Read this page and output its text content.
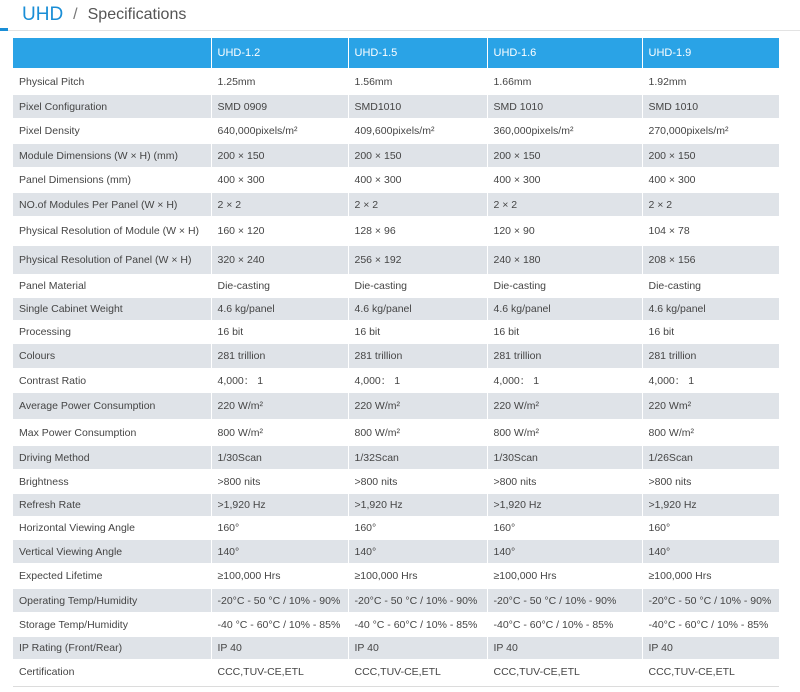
UHD / Specifications
	UHD-1.2	UHD-1.5	UHD-1.6	UHD-1.9
Physical Pitch	1.25mm	1.56mm	1.66mm	1.92mm
Pixel Configuration	SMD 0909	SMD1010	SMD 1010	SMD 1010
Pixel Density	640,000pixels/m²	409,600pixels/m²	360,000pixels/m²	270,000pixels/m²
Module Dimensions (W × H) (mm)	200 × 150	200 × 150	200 × 150	200 × 150
Panel Dimensions (mm)	400 × 300	400 × 300	400 × 300	400 × 300
NO.of Modules Per Panel (W × H)	2 × 2	2 × 2	2 × 2	2 × 2
Physical Resolution of Module (W × H)	160 × 120	128 × 96	120 × 90	104 × 78
Physical Resolution of Panel (W × H)	320 × 240	256 × 192	240 × 180	208 × 156
Panel Material	Die-casting	Die-casting	Die-casting	Die-casting
Single Cabinet Weight	4.6 kg/panel	4.6 kg/panel	4.6 kg/panel	4.6 kg/panel
Processing	16 bit	16 bit	16 bit	16 bit
Colours	281 trillion	281 trillion	281 trillion	281 trillion
Contrast Ratio	4,000： 1	4,000： 1	4,000： 1	4,000： 1
Average Power Consumption	220 W/m²	220 W/m²	220 W/m²	220 Wm²
Max Power Consumption	800 W/m²	800 W/m²	800 W/m²	800 W/m²
Driving Method	1/30Scan	1/32Scan	1/30Scan	1/26Scan
Brightness	>800 nits	>800 nits	>800 nits	>800 nits
Refresh Rate	>1,920 Hz	>1,920 Hz	>1,920 Hz	>1,920 Hz
Horizontal Viewing Angle	160°	160°	160°	160°
Vertical Viewing Angle	140°	140°	140°	140°
Expected Lifetime	≥100,000 Hrs	≥100,000 Hrs	≥100,000 Hrs	≥100,000 Hrs
Operating Temp/Humidity	-20°C - 50 °C / 10% - 90%	-20°C - 50 °C / 10% - 90%	-20°C - 50 °C / 10% - 90%	-20°C - 50 °C / 10% - 90%
Storage Temp/Humidity	-40 °C - 60°C / 10% - 85%	-40 °C - 60°C / 10% - 85%	-40°C - 60°C / 10% - 85%	-40°C - 60°C / 10% - 85%
IP Rating (Front/Rear)	IP 40	IP 40	IP 40	IP 40
Certification	CCC,TUV-CE,ETL	CCC,TUV-CE,ETL	CCC,TUV-CE,ETL	CCC,TUV-CE,ETL
